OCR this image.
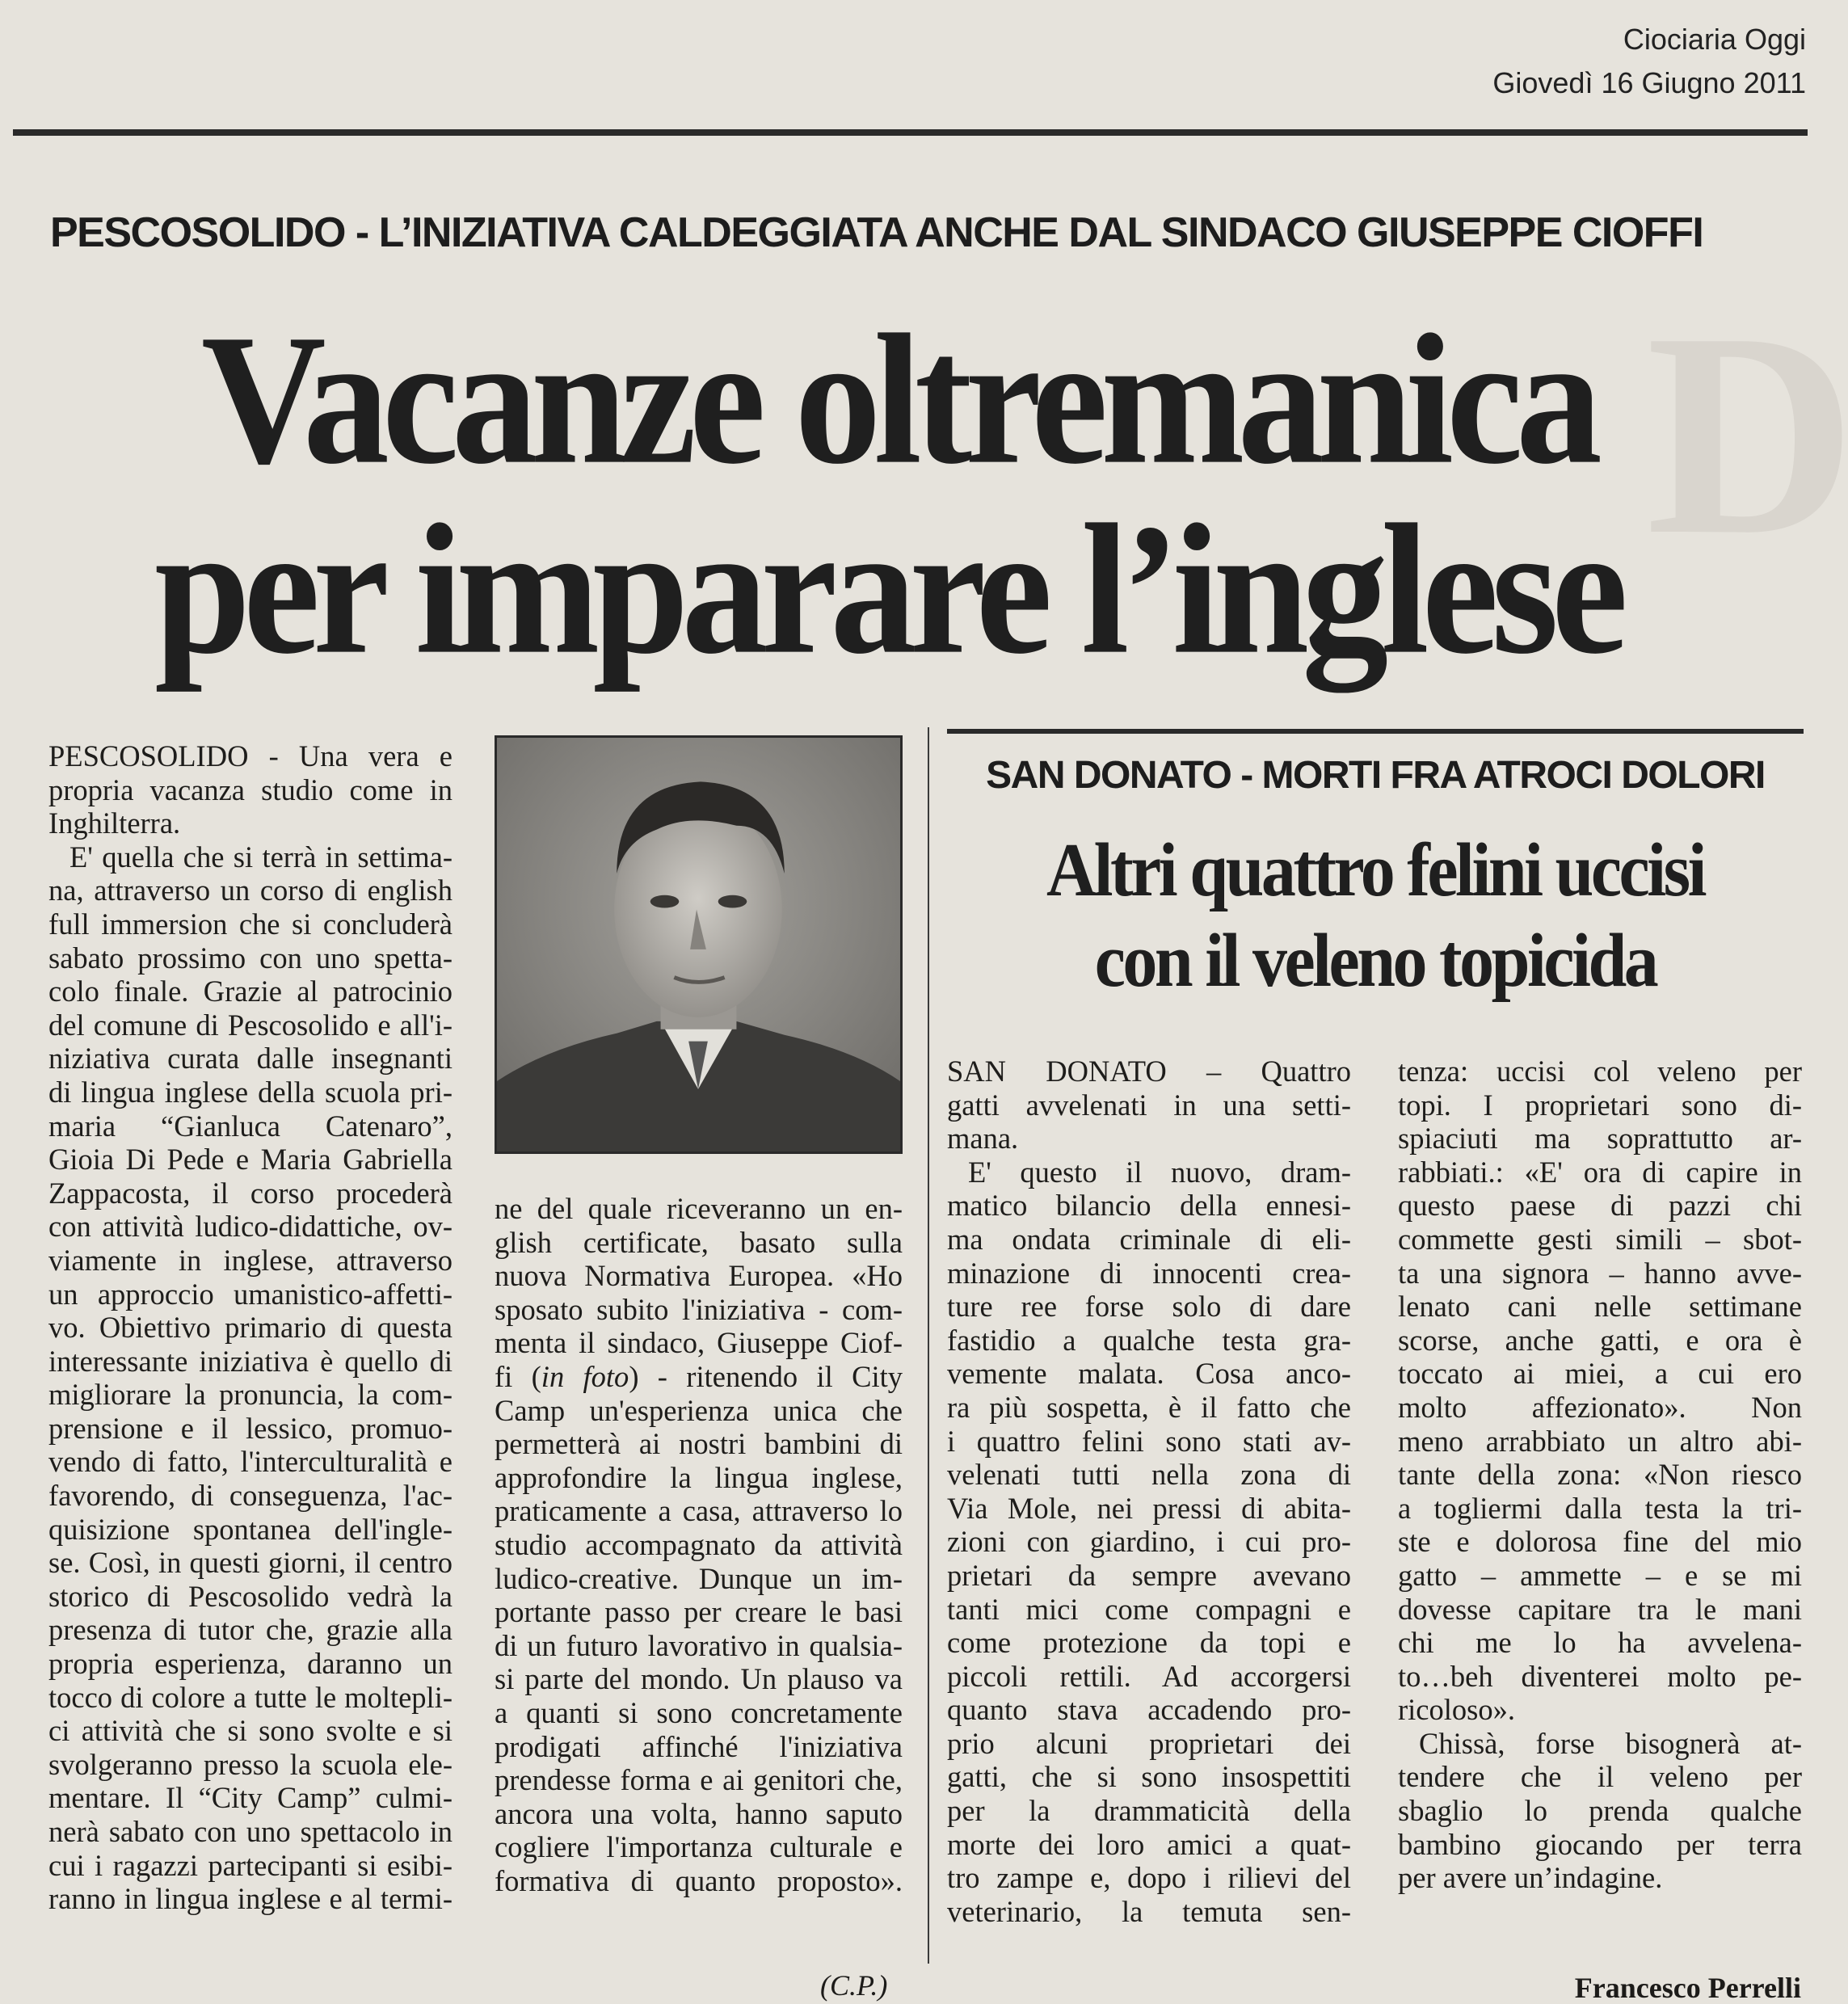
D
Ciociaria Oggi
Giovedì 16 Giugno 2011
PESCOSOLIDO - L’INIZIATIVA CALDEGGIATA ANCHE DAL SINDACO GIUSEPPE CIOFFI
Vacanze oltremanica
per imparare l’inglese
PESCOSOLIDO - Una vera e
propria vacanza studio come in
Inghilterra.
E' quella che si terrà in settima-
na, attraverso un corso di english
full immersion che si concluderà
sabato prossimo con uno spetta-
colo finale. Grazie al patrocinio
del comune di Pescosolido e all'i-
niziativa curata dalle insegnanti
di lingua inglese della scuola pri-
maria “Gianluca Catenaro”,
Gioia Di Pede e Maria Gabriella
Zappacosta, il corso procederà
con attività ludico-didattiche, ov-
viamente in inglese, attraverso
un approccio umanistico-affetti-
vo. Obiettivo primario di questa
interessante iniziativa è quello di
migliorare la pronuncia, la com-
prensione e il lessico, promuo-
vendo di fatto, l'interculturalità e
favorendo, di conseguenza, l'ac-
quisizione spontanea dell'ingle-
se. Così, in questi giorni, il centro
storico di Pescosolido vedrà la
presenza di tutor che, grazie alla
propria esperienza, daranno un
tocco di colore a tutte le moltepli-
ci attività che si sono svolte e si
svolgeranno presso la scuola ele-
mentare. Il “City Camp” culmi-
nerà sabato con uno spettacolo in
cui i ragazzi partecipanti si esibi-
ranno in lingua inglese e al termi-
ne del quale riceveranno un en-
glish certificate, basato sulla
nuova Normativa Europea. «Ho
sposato subito l'iniziativa - com-
menta il sindaco, Giuseppe Ciof-
fi (in foto) - ritenendo il City
Camp un'esperienza unica che
permetterà ai nostri bambini di
approfondire la lingua inglese,
praticamente a casa, attraverso lo
studio accompagnato da attività
ludico-creative. Dunque un im-
portante passo per creare le basi
di un futuro lavorativo in qualsia-
si parte del mondo. Un plauso va
a quanti si sono concretamente
prodigati affinché l'iniziativa
prendesse forma e ai genitori che,
ancora una volta, hanno saputo
cogliere l'importanza culturale e
formativa di quanto proposto».
(C.P.)
SAN DONATO - MORTI FRA ATROCI DOLORI
Altri quattro felini uccisi
con il veleno topicida
SAN DONATO – Quattro
gatti avvelenati in una setti-
mana.
E' questo il nuovo, dram-
matico bilancio della ennesi-
ma ondata criminale di eli-
minazione di innocenti crea-
ture ree forse solo di dare
fastidio a qualche testa gra-
vemente malata. Cosa anco-
ra più sospetta, è il fatto che
i quattro felini sono stati av-
velenati tutti nella zona di
Via Mole, nei pressi di abita-
zioni con giardino, i cui pro-
prietari da sempre avevano
tanti mici come compagni e
come protezione da topi e
piccoli rettili. Ad accorgersi
quanto stava accadendo pro-
prio alcuni proprietari dei
gatti, che si sono insospettiti
per la drammaticità della
morte dei loro amici a quat-
tro zampe e, dopo i rilievi del
veterinario, la temuta sen-
tenza: uccisi col veleno per
topi. I proprietari sono di-
spiaciuti ma soprattutto ar-
rabbiati.: «E' ora di capire in
questo paese di pazzi chi
commette gesti simili – sbot-
ta una signora – hanno avve-
lenato cani nelle settimane
scorse, anche gatti, e ora è
toccato ai miei, a cui ero
molto affezionato». Non
meno arrabbiato un altro abi-
tante della zona: «Non riesco
a togliermi dalla testa la tri-
ste e dolorosa fine del mio
gatto – ammette – e se mi
dovesse capitare tra le mani
chi me lo ha avvelena-
to…beh diventerei molto pe-
ricoloso».
Chissà, forse bisognerà at-
tendere che il veleno per
sbaglio lo prenda qualche
bambino giocando per terra
per avere un’indagine.
Francesco Perrelli
